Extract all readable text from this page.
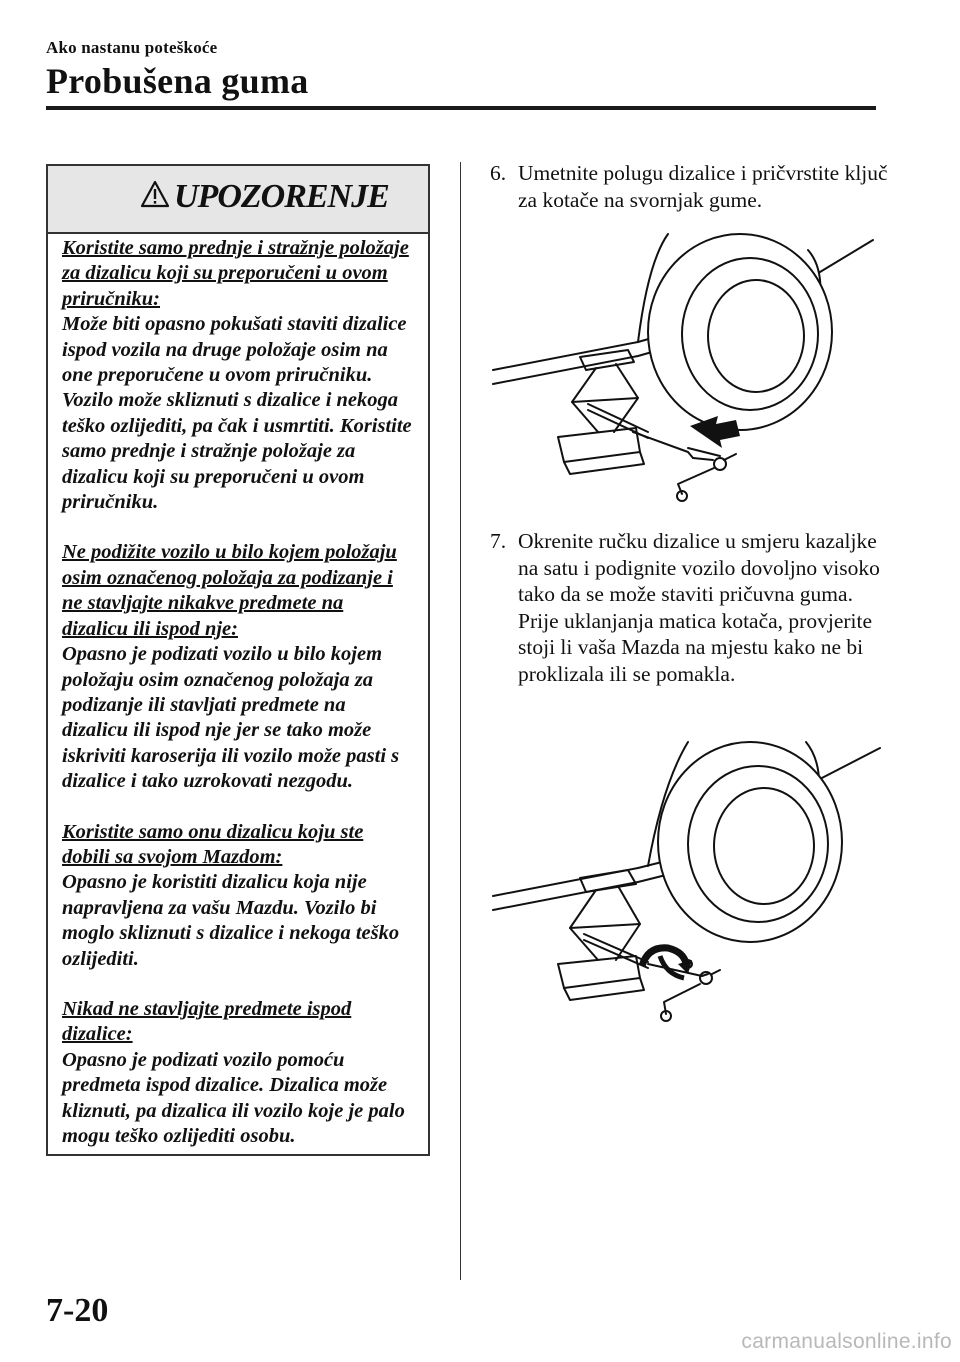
Ako nastanu poteškoće
Probušena guma
UPOZORENJE
Koristite samo prednje i stražnje položaje za dizalicu koji su preporučeni u ovom priručniku:
Može biti opasno pokušati staviti dizalice ispod vozila na druge položaje osim na one preporučene u ovom priručniku. Vozilo može skliznuti s dizalice i nekoga teško ozlijediti, pa čak i usmrtiti. Koristite samo prednje i stražnje položaje za dizalicu koji su preporučeni u ovom priručniku.
Ne podižite vozilo u bilo kojem položaju osim označenog položaja za podizanje i ne stavljajte nikakve predmete na dizalicu ili ispod nje:
Opasno je podizati vozilo u bilo kojem položaju osim označenog položaja za podizanje ili stavljati predmete na dizalicu ili ispod nje jer se tako može iskriviti karoserija ili vozilo može pasti s dizalice i tako uzrokovati nezgodu.
Koristite samo onu dizalicu koju ste dobili sa svojom Mazdom:
Opasno je koristiti dizalicu koja nije napravljena za vašu Mazdu. Vozilo bi moglo skliznuti s dizalice i nekoga teško ozlijediti.
Nikad ne stavljajte predmete ispod dizalice:
Opasno je podizati vozilo pomoću predmeta ispod dizalice. Dizalica može kliznuti, pa dizalica ili vozilo koje je palo mogu teško ozlijediti osobu.
6. Umetnite polugu dizalice i pričvrstite ključ za kotače na svornjak gume.
7. Okrenite ručku dizalice u smjeru kazaljke na satu i podignite vozilo dovoljno visoko tako da se može staviti pričuvna guma. Prije uklanjanja matica kotača, provjerite stoji li vaša Mazda na mjestu kako ne bi proklizala ili se pomakla.
7-20
carmanualsonline.info
